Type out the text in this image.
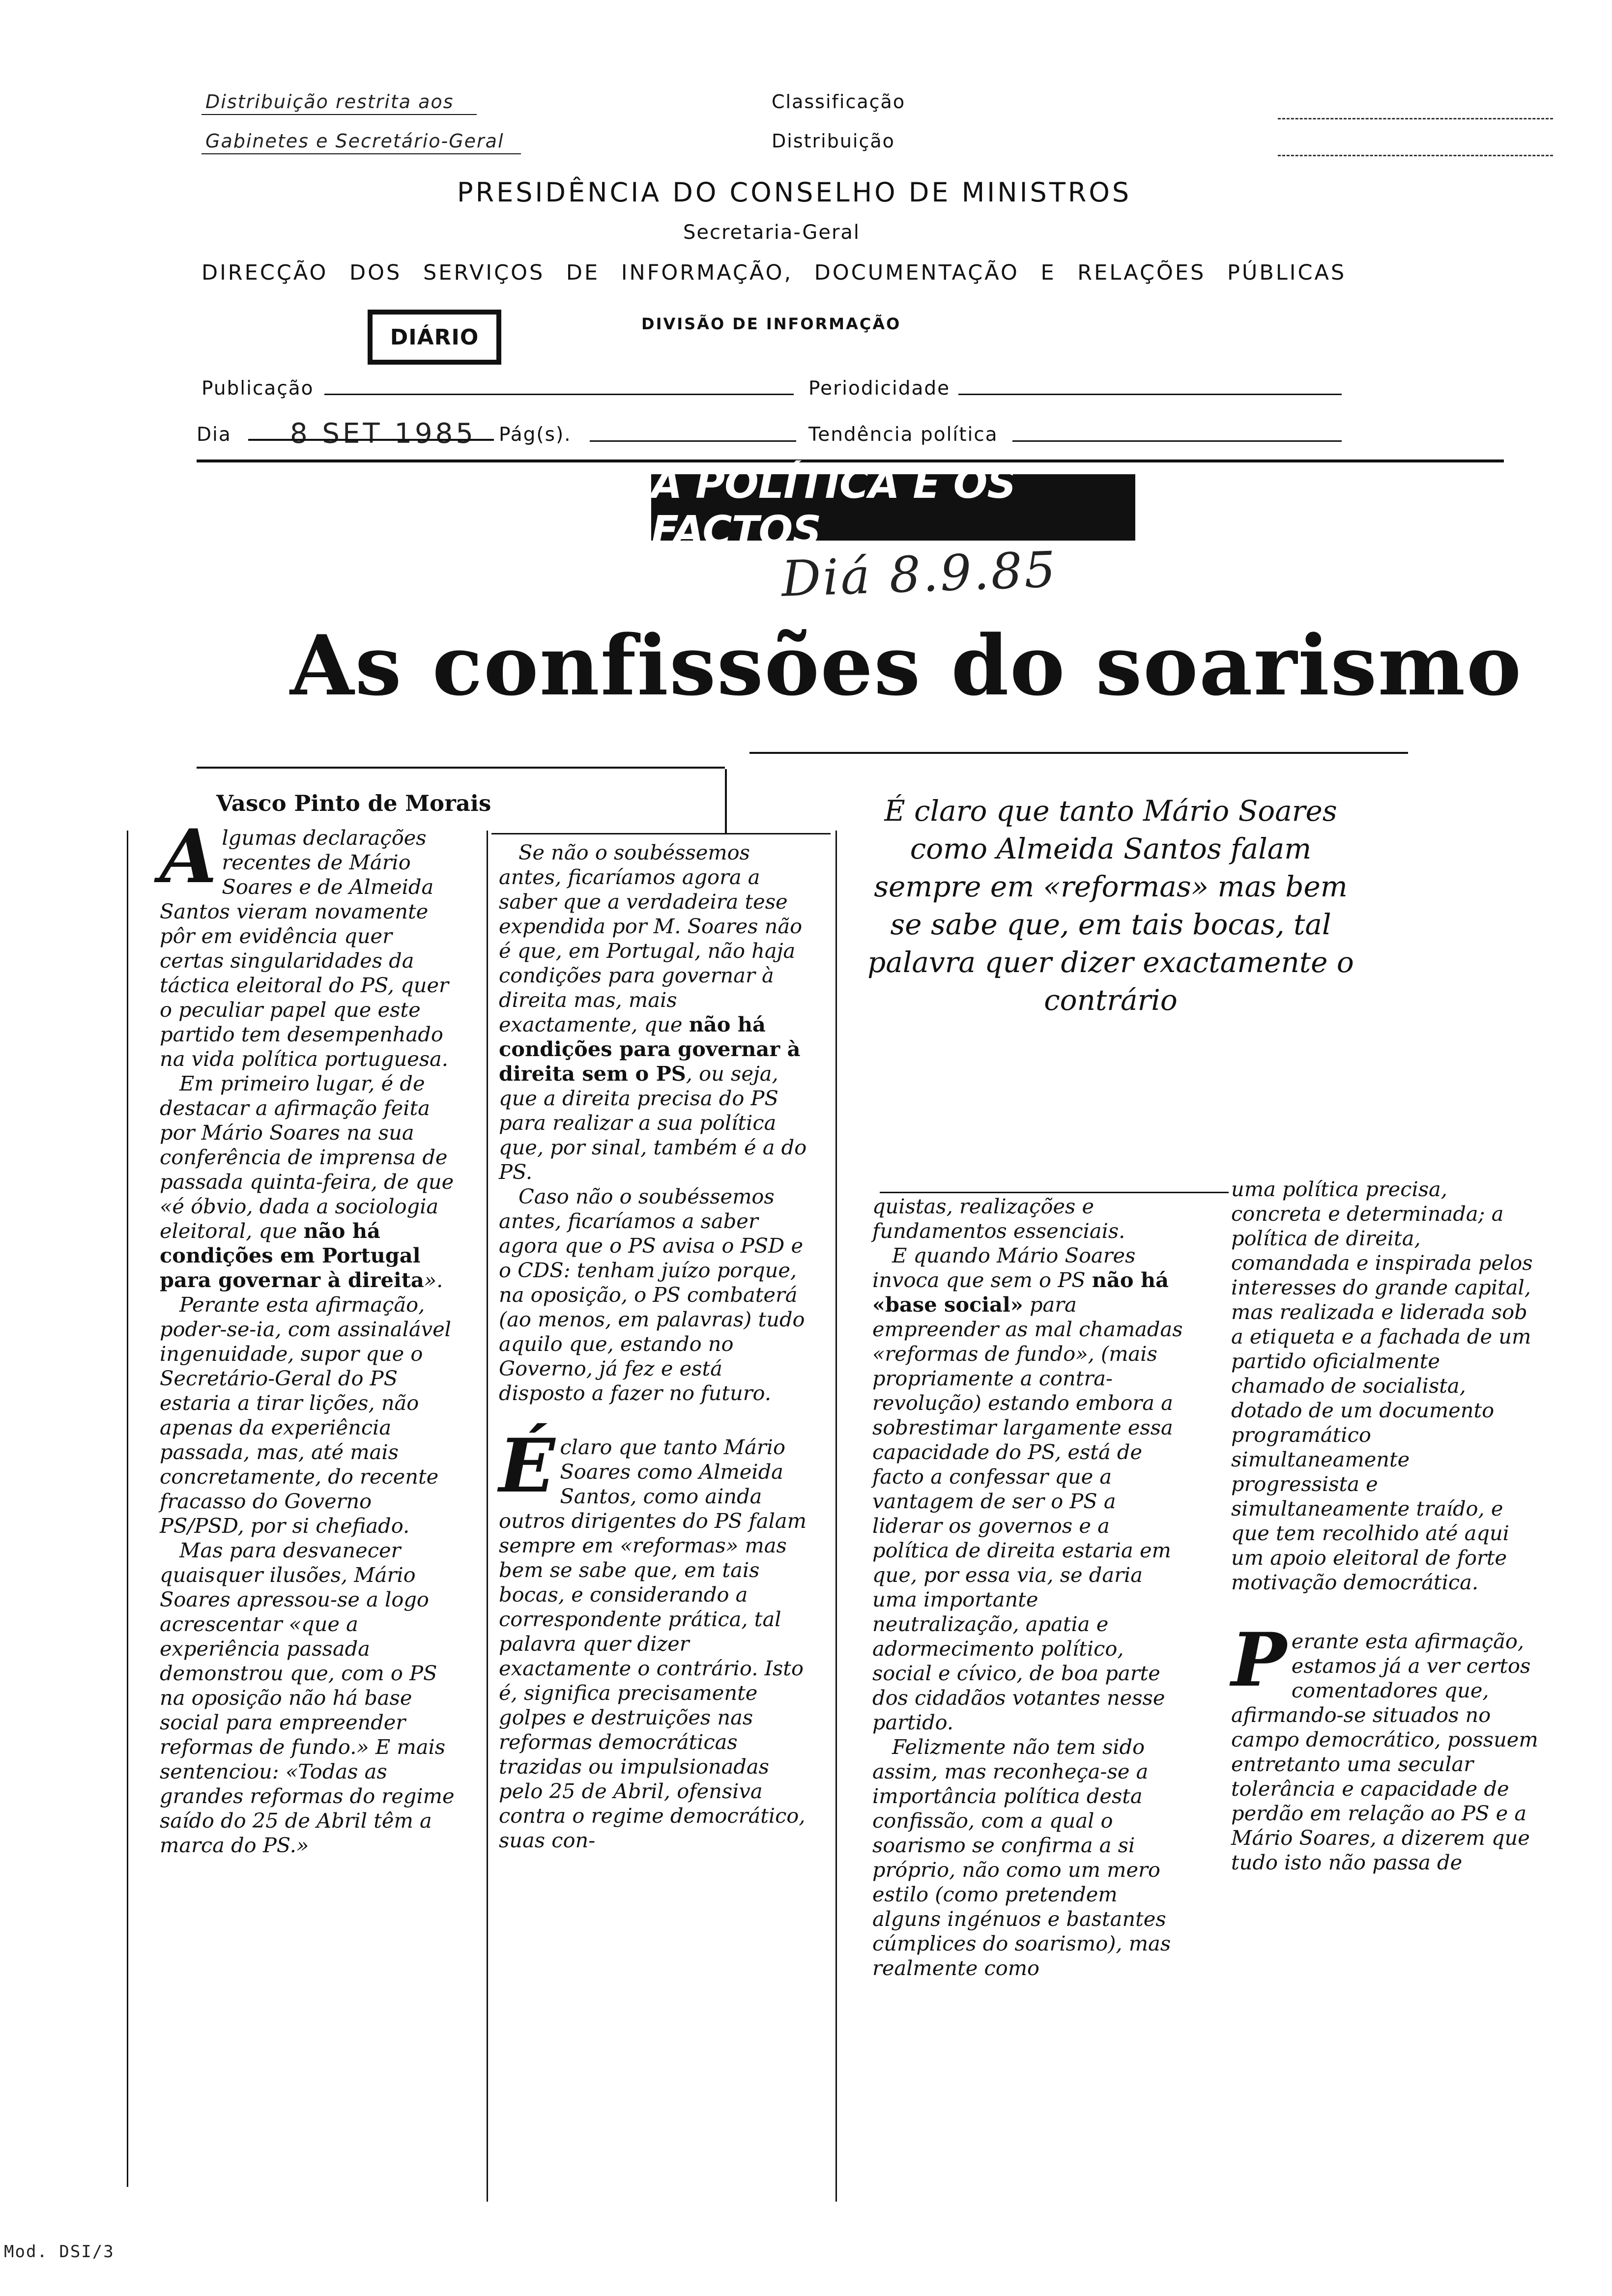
Distribuição restrita aos
Gabinetes e Secretário-Geral
Classificação
Distribuição
PRESIDÊNCIA DO CONSELHO DE MINISTROS
Secretaria-Geral
DIRECÇÃO DOS SERVIÇOS DE INFORMAÇÃO, DOCUMENTAÇÃO E RELAÇÕES PÚBLICAS
DIÁRIO
DIVISÃO DE INFORMAÇÃO
Publicação	Periodicidade
Dia 8 SET 1985 Pág(s).	Tendência política
A POLÍTICA E OS FACTOS
Diá 8.9.85
As confissões do soarismo
Vasco Pinto de Morais	É claro que tanto Mário Soares como Almeida Santos falam sempre em «reformas» mas bem se sabe que, em tais bocas, tal palavra quer dizer exactamente o contrário

A lgumas declarações recentes de Mário Soares e de Almeida Santos vieram novamente pôr em evidência quer certas singularidades da táctica eleitoral do PS, quer o peculiar papel que este partido tem desempenhado na vida política portuguesa.

Em primeiro lugar, é de destacar a afirmação feita por Mário Soares na sua conferência de imprensa de passada quinta-feira, de que «é óbvio, dada a sociologia eleitoral, que não há condições em Portugal para governar à direita».

Perante esta afirmação, poder-se-ia, com assinalável ingenuidade, supor que o Secretário-Geral do PS estaria a tirar lições, não apenas da experiência passada, mas, até mais concretamente, do recente fracasso do Governo PS/PSD, por si chefiado.

Mas para desvanecer quaisquer ilusões, Mário Soares apressou-se a logo acrescentar «que a experiência passada demonstrou que, com o PS na oposição não há base social para empreender reformas de fundo.» E mais sentenciou: «Todas as grandes reformas do regime saído do 25 de Abril têm a marca do PS.»

Se não o soubéssemos antes, ficaríamos agora a saber que a verdadeira tese expendida por M. Soares não é que, em Portugal, não haja condições para governar à direita mas, mais exactamente, que não há condições para governar à direita sem o PS, ou seja, que a direita precisa do PS para realizar a sua política que, por sinal, também é a do PS.

Caso não o soubéssemos antes, ficaríamos a saber agora que o PS avisa o PSD e o CDS: tenham juízo porque, na oposição, o PS combaterá (ao menos, em palavras) tudo aquilo que, estando no Governo, já fez e está disposto a fazer no futuro.

É claro que tanto Mário Soares como Almeida Santos, como ainda outros dirigentes do PS falam sempre em «reformas» mas bem se sabe que, em tais bocas, e considerando a correspondente prática, tal palavra quer dizer exactamente o contrário. Isto é, significa precisamente golpes e destruições nas reformas democráticas trazidas ou impulsionadas pelo 25 de Abril, ofensiva contra o regime democrático, suas con-

quistas, realizações e fundamentos essenciais.

E quando Mário Soares invoca que sem o PS não há «base social» para empreender as mal chamadas «reformas de fundo», (mais propriamente a contra-revolução) estando embora a sobrestimar largamente essa capacidade do PS, está de facto a confessar que a vantagem de ser o PS a liderar os governos e a política de direita estaria em que, por essa via, se daria uma importante neutralização, apatia e adormecimento político, social e cívico, de boa parte dos cidadãos votantes nesse partido.

Felizmente não tem sido assim, mas reconheça-se a importância política desta confissão, com a qual o soarismo se confirma a si próprio, não como um mero estilo (como pretendem alguns ingénuos e bastantes cúmplices do soarismo), mas realmente como

uma política precisa, concreta e determinada; a política de direita, comandada e inspirada pelos interesses do grande capital, mas realizada e liderada sob a etiqueta e a fachada de um partido oficialmente chamado de socialista, dotado de um documento programático simultaneamente progressista e simultaneamente traído, e que tem recolhido até aqui um apoio eleitoral de forte motivação democrática.

P erante esta afirmação, estamos já a ver certos comentadores que, afirmando-se situados no campo democrático, possuem entretanto uma secular tolerância e capacidade de perdão em relação ao PS e a Mário Soares, a dizerem que tudo isto não passa de

Mod. DSI/3
